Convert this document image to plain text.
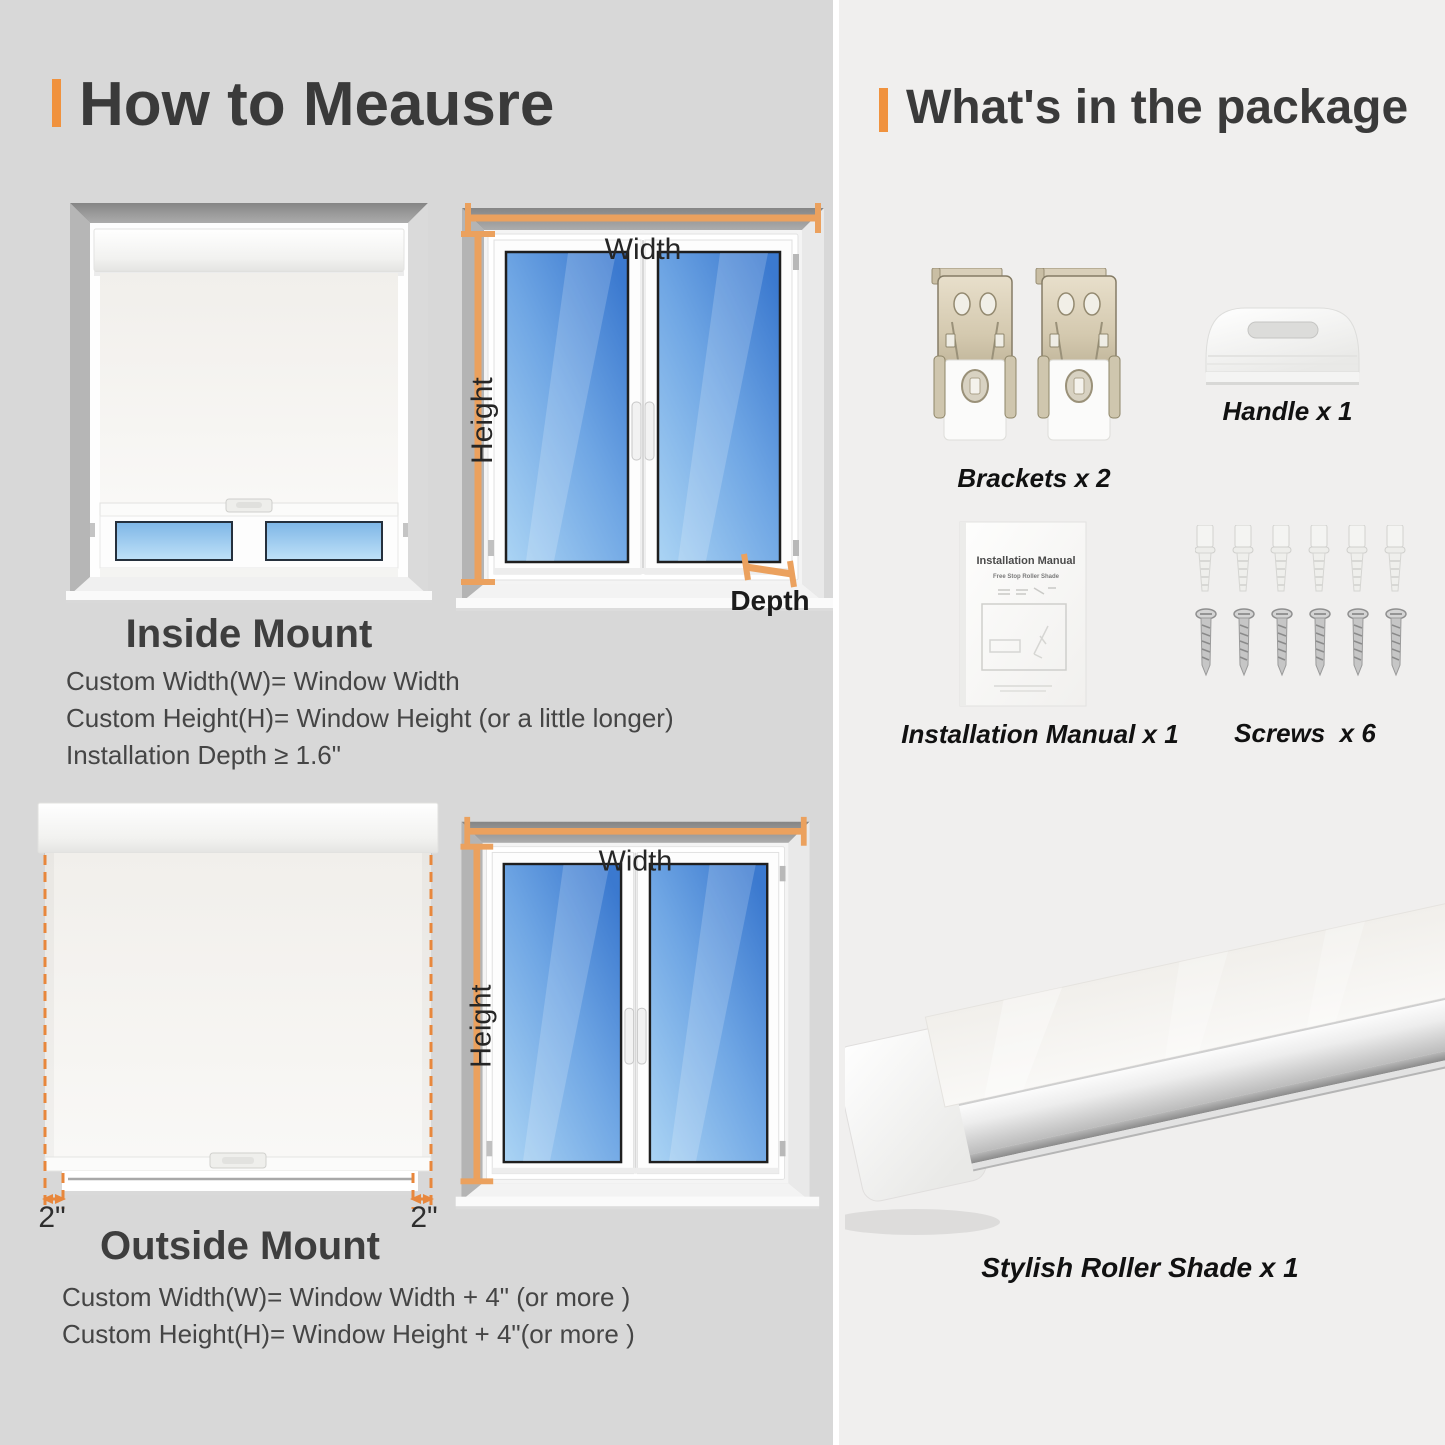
How to Meausre
Width
Height
Depth
Inside Mount

Custom Width(W)= Window Width

Custom Height(H)= Window Height (or a little longer)

Installation Depth ≥ 1.6"

2"	2"
Width
Height
Outside Mount

Custom Width(W)= Window Width + 4" (or more )

Custom Height(H)= Window Height + 4"(or more )

What's in the package
Brackets x 2
Handle x 1
Installation Manual
Free Stop Roller Shade
Installation Manual x 1	Screws  x 6
Stylish Roller Shade x 1
